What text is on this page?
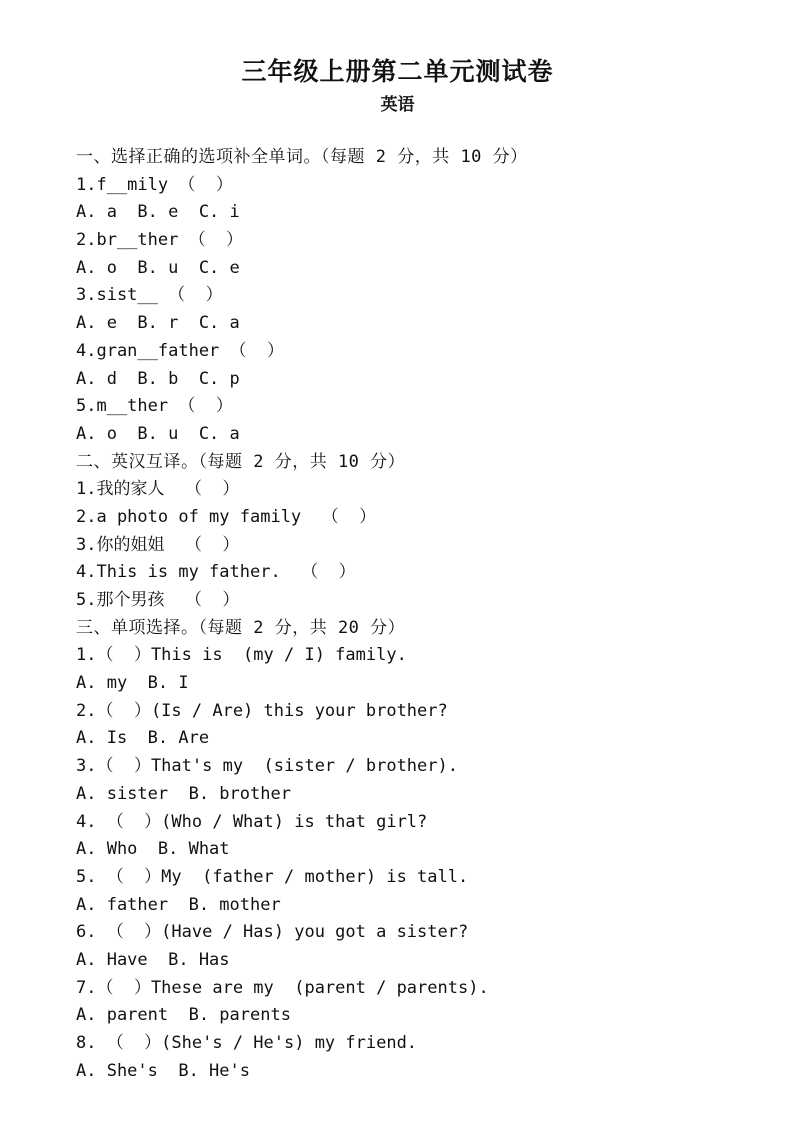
三年级上册第二单元测试卷
英语
一、选择正确的选项补全单词。（每题 2 分，共 10 分）
1.f__mily （  ）
A. a  B. e  C. i
2.br__ther （  ）
A. o  B. u  C. e
3.sist__ （  ）
A. e  B. r  C. a
4.gran__father （  ）
A. d  B. b  C. p
5.m__ther （  ）
A. o  B. u  C. a
二、英汉互译。（每题 2 分，共 10 分）
1.我的家人  （  ）
2.a photo of my family  （  ）
3.你的姐姐  （  ）
4.This is my father.  （  ）
5.那个男孩  （  ）
三、单项选择。（每题 2 分，共 20 分）
1.（  ）This is  (my / I) family.
A. my  B. I
2.（  ）(Is / Are) this your brother?
A. Is  B. Are
3.（  ）That's my  (sister / brother).
A. sister  B. brother
4. （  ）(Who / What) is that girl?
A. Who  B. What
5. （  ）My  (father / mother) is tall.
A. father  B. mother
6. （  ）(Have / Has) you got a sister?
A. Have  B. Has
7.（  ）These are my  (parent / parents).
A. parent  B. parents
8. （  ）(She's / He's) my friend.
A. She's  B. He's
